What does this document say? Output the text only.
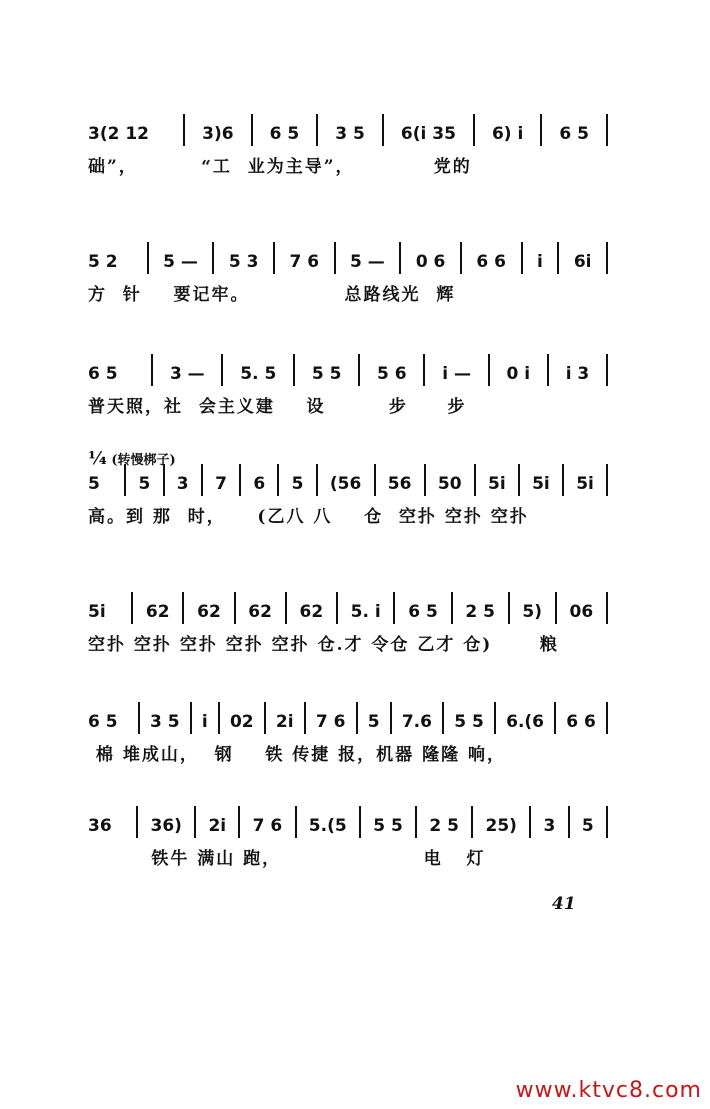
3(2 12	3)6	6 5	3 5	6(i 35	6) i	6 5
础”，        “工  业为主导”，          党的
5 2	5 —	5 3	7 6	5 —	0 6	6 6	i	6i
方  针    要记牢。            总路线光  辉
6 5	3 —	5. 5	5 5	5 6	i —	0 i	i 3
普天照，社  会主义建    设        步     步
5	5	3	7	6	5	(56	56	50	5i	5i	5i
高。到 那  时，    (乙八 八    仓  空扑 空扑 空扑
5i	62	62	62	62	5. i	6 5	2 5	5)	06
空扑 空扑 空扑 空扑 空扑 仓.才 令仓 乙才 仓)      粮
6 5	3 5	i	02	2i	7 6	5	7.6	5 5	6.(6	6 6
棉 堆成山，  钢    铁 传捷 报，机器 隆隆 响，
36	36)	2i	7 6	5.(5	5 5	2 5	25)	3	5
铁牛 满山 跑，                  电   灯
¼ (转慢梆子)
41
www.ktvc8.com
